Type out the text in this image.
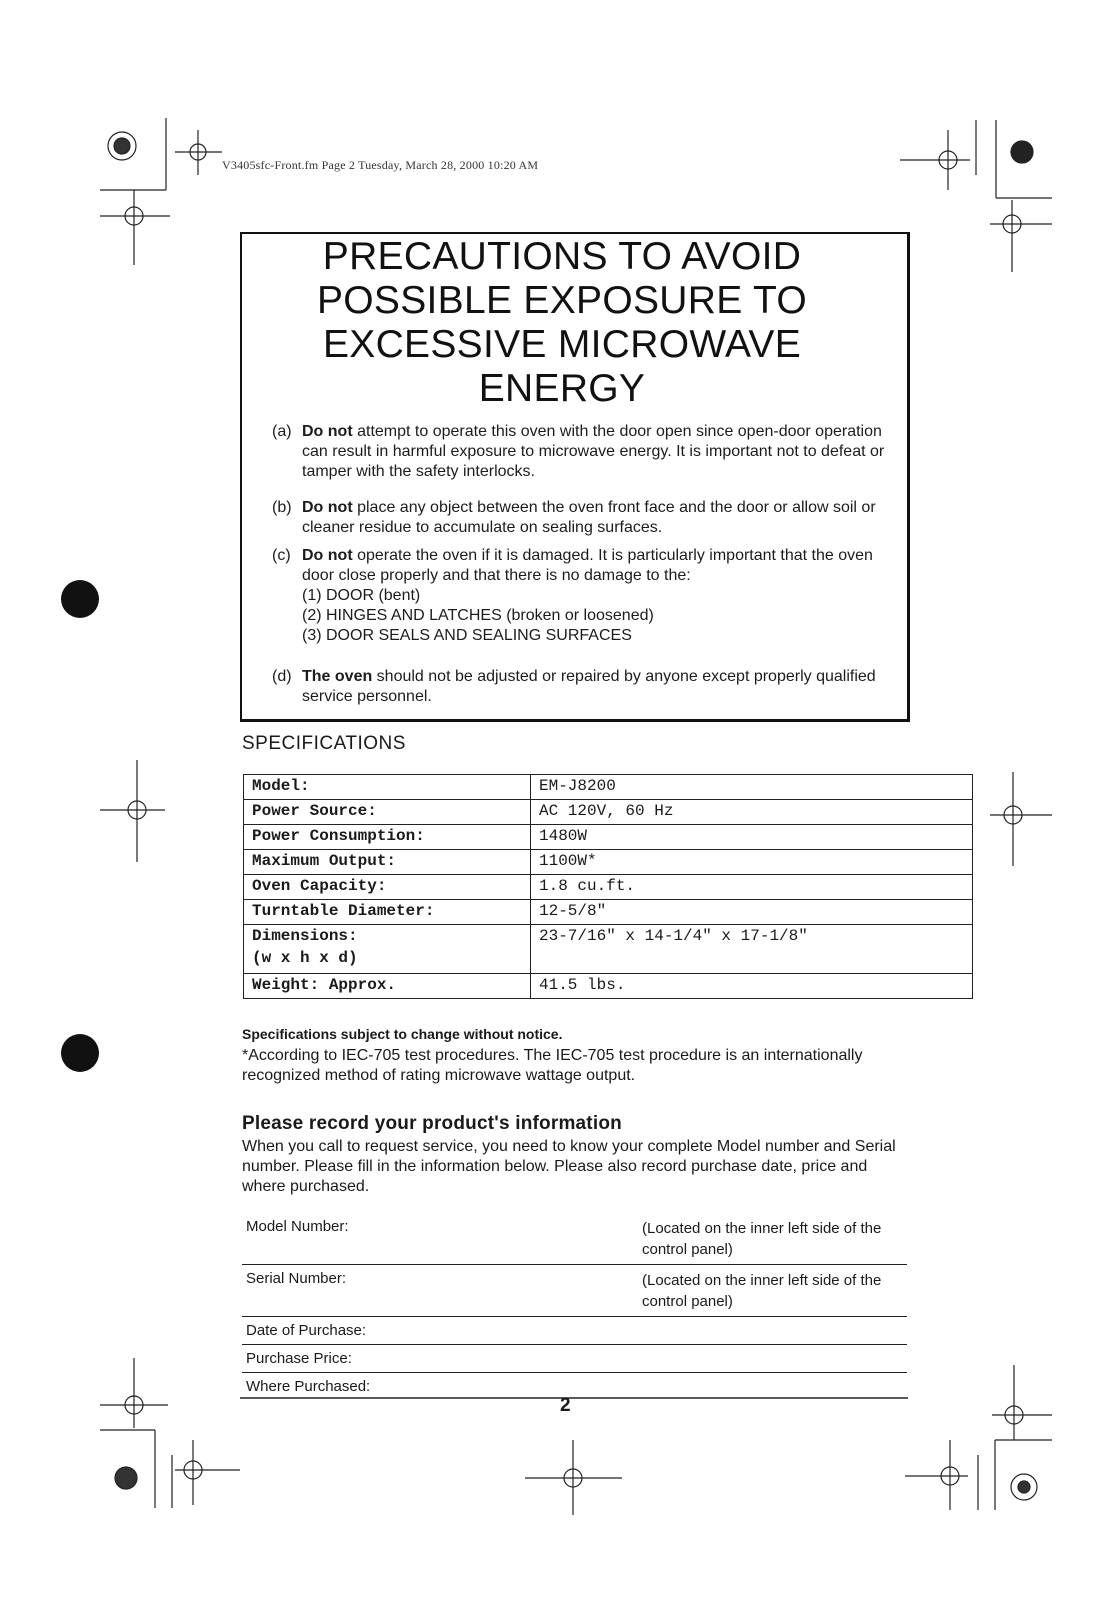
V3405sfc-Front.fm Page 2 Tuesday, March 28, 2000 10:20 AM
PRECAUTIONS TO AVOID
POSSIBLE EXPOSURE TO
EXCESSIVE MICROWAVE
ENERGY
(a) Do not attempt to operate this oven with the door open since open-door operation can result in harmful exposure to microwave energy. It is important not to defeat or tamper with the safety interlocks.
(b) Do not place any object between the oven front face and the door or allow soil or cleaner residue to accumulate on sealing surfaces.
(c) Do not operate the oven if it is damaged. It is particularly important that the oven door close properly and that there is no damage to the:
(1) DOOR (bent)
(2) HINGES AND LATCHES (broken or loosened)
(3) DOOR SEALS AND SEALING SURFACES
(d) The oven should not be adjusted or repaired by anyone except properly qualified service personnel.
SPECIFICATIONS
Model:	EM-J8200
Power Source:	AC 120V, 60 Hz
Power Consumption:	1480W
Maximum Output:	1100W*
Oven Capacity:	1.8 cu.ft.
Turntable Diameter:	12-5/8"

Dimensions:
(w x h x d)	23-7/16" x 14-1/4" x 17-1/8"
Weight: Approx.	41.5 lbs.
Specifications subject to change without notice.
*According to IEC-705 test procedures. The IEC-705 test procedure is an internationally recognized method of rating microwave wattage output.
Please record your product's information
When you call to request service, you need to know your complete Model number and Serial number. Please fill in the information below. Please also record purchase date, price and where purchased.
Model Number:	(Located on the inner left side of the control panel)
Serial Number:	(Located on the inner left side of the control panel)
Date of Purchase:
Purchase Price:
Where Purchased:
2
